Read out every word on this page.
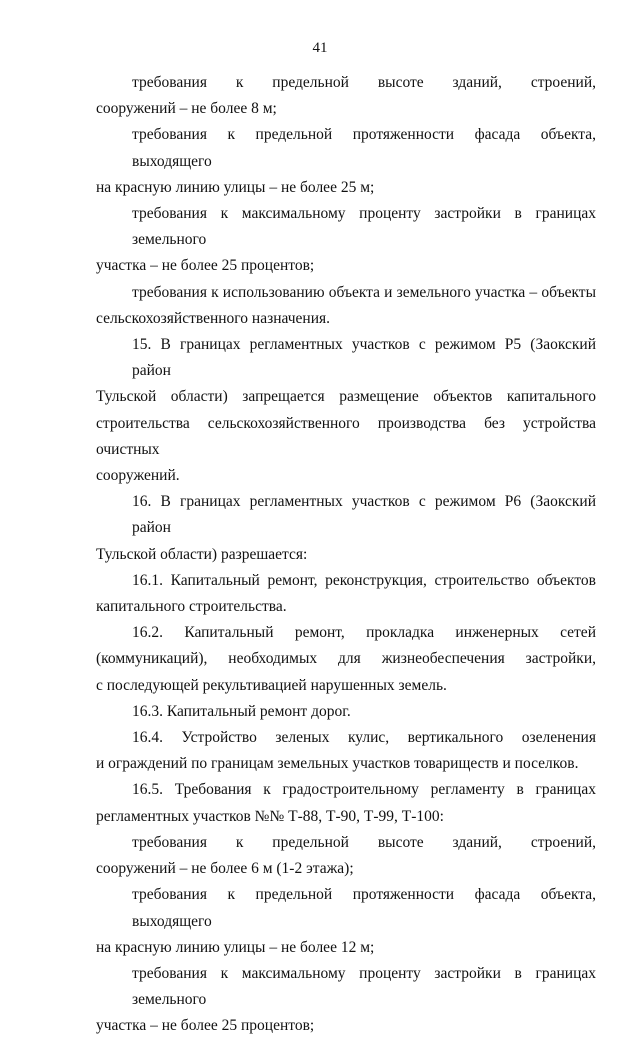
41

требования к предельной высоте зданий, строений,
сооружений – не более 8 м;

требования к предельной протяженности фасада объекта, выходящего
на красную линию улицы – не более 25 м;

требования к максимальному проценту застройки в границах земельного
участка – не более 25 процентов;

требования к использованию объекта и земельного участка – объекты
сельскохозяйственного назначения.

15. В границах регламентных участков с режимом Р5 (Заокский район
Тульской области) запрещается размещение объектов капитального
строительства сельскохозяйственного производства без устройства очистных
сооружений.

16. В границах регламентных участков с режимом Р6 (Заокский район
Тульской области) разрешается:

16.1. Капитальный ремонт, реконструкция, строительство объектов
капитального строительства.

16.2. Капитальный ремонт, прокладка инженерных сетей
(коммуникаций), необходимых для жизнеобеспечения застройки,
с последующей рекультивацией нарушенных земель.

16.3. Капитальный ремонт дорог.

16.4. Устройство зеленых кулис, вертикального озеленения
и ограждений по границам земельных участков товариществ и поселков.

16.5. Требования к градостроительному регламенту в границах
регламентных участков №№ Т-88, Т-90, Т-99, Т-100:

требования к предельной высоте зданий, строений,
сооружений – не более 6 м (1-2 этажа);

требования к предельной протяженности фасада объекта, выходящего
на красную линию улицы – не более 12 м;

требования к максимальному проценту застройки в границах земельного
участка – не более 25 процентов;
